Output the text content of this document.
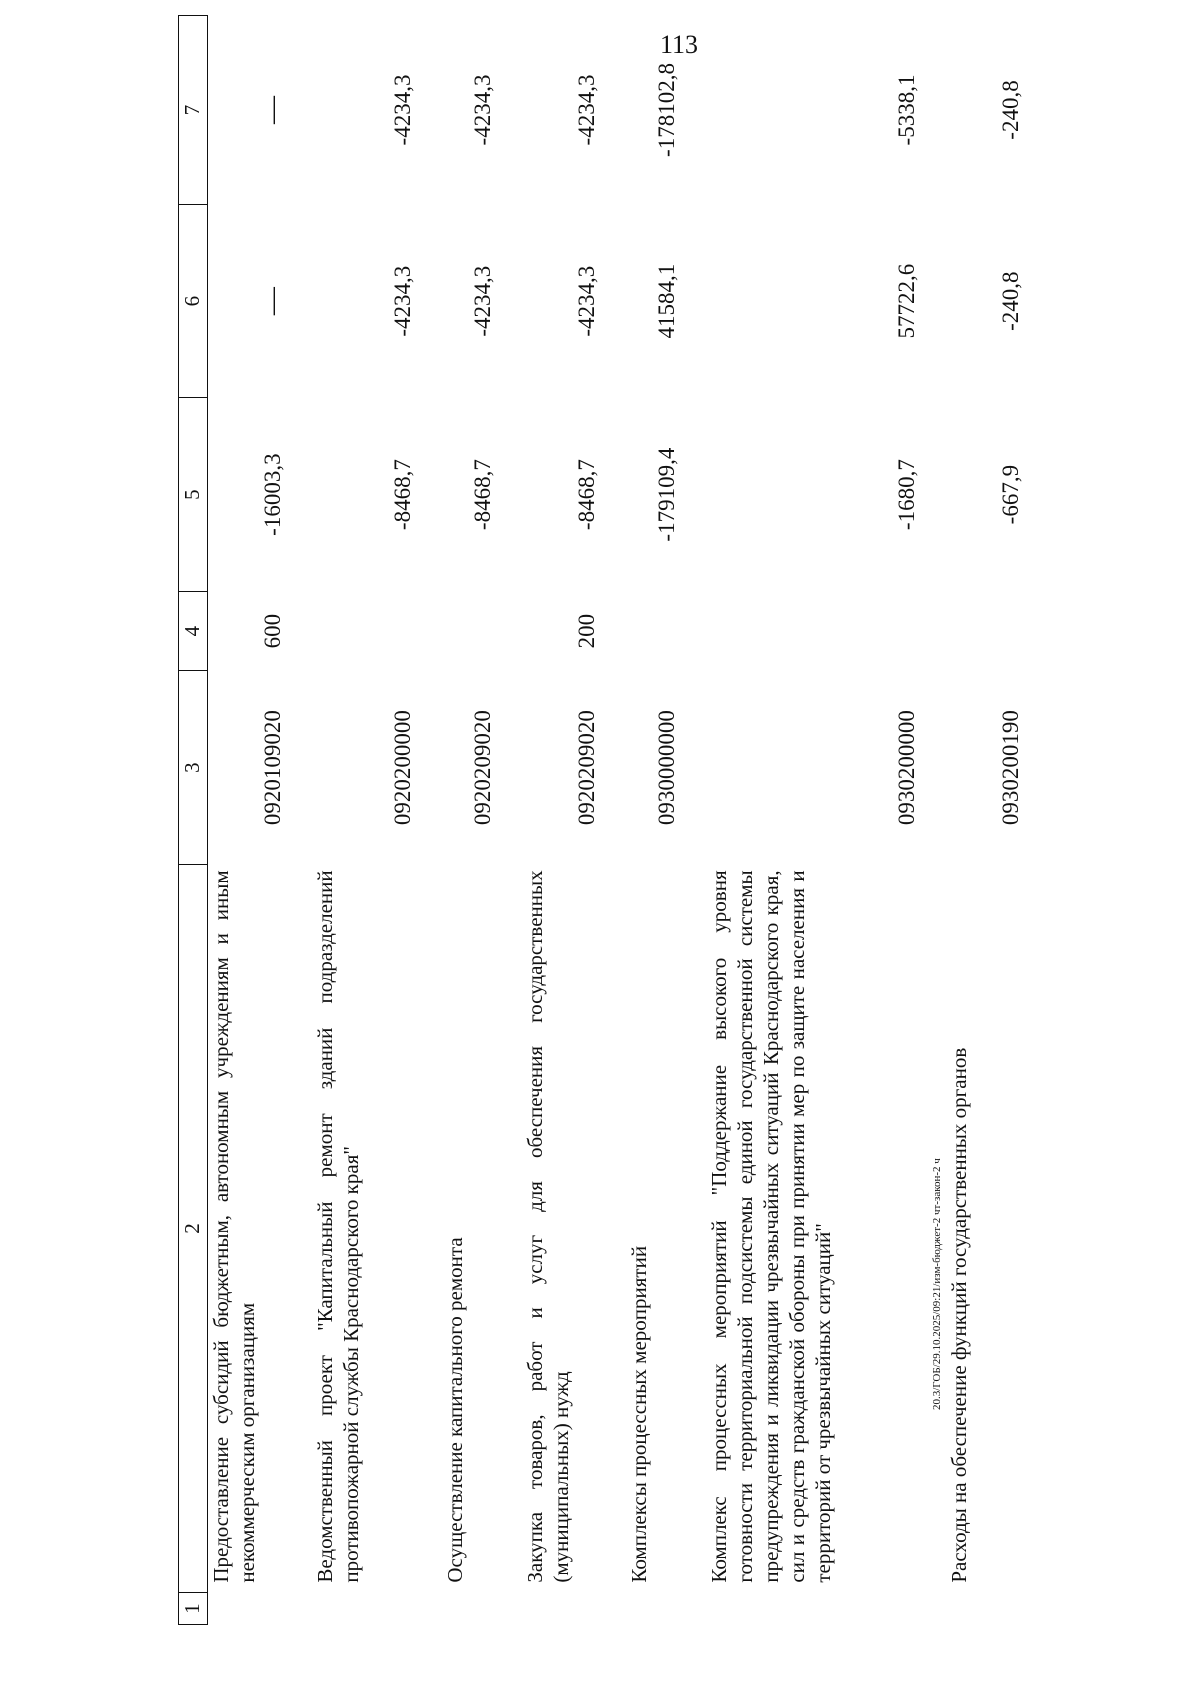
113
1	2	3	4	5	6	7
	Предоставление субсидий бюджетным, автономным учреждениям и иным некоммерческим организациям	0920109020	600	-16003,3	—	—
	Ведомственный проект "Капитальный ремонт зданий подразделений противопожарной службы Краснодарского края"	0920200000		-8468,7	-4234,3	-4234,3
	Осуществление капитального ремонта	0920209020		-8468,7	-4234,3	-4234,3
	Закупка товаров, работ и услуг для обеспечения государственных (муниципальных) нужд	0920209020	200	-8468,7	-4234,3	-4234,3
	Комплексы процессных мероприятий	0930000000		-179109,4	41584,1	-178102,8
	Комплекс процессных мероприятий "Поддержание высокого уровня готовности территориальной подсистемы единой государственной системы предупреждения и ликвидации чрезвычайных ситуаций Краснодарского края, сил и средств гражданской обороны при принятии мер по защите населения и территорий от чрезвычайных ситуаций"	0930200000		-1680,7	57722,6	-5338,1
	Расходы на обеспечение функций государственных органов	0930200190		-667,9	-240,8	-240,8
20.3/ГОБ/29.10.2025/09:21/изм-бюджет-2 чт-закон-2 ч
